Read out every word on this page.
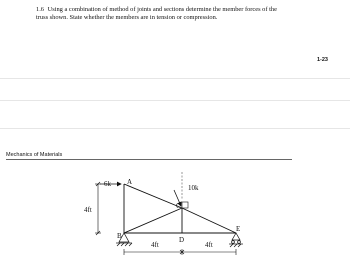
1.6 Using a combination of method of joints and sections determine the member forces of the
truss shown. State whether the members are in tension or compression.

1-23
Mechanics of Materials
6k	10k
4ft
4ft	4ft
A
B
C
D
E
